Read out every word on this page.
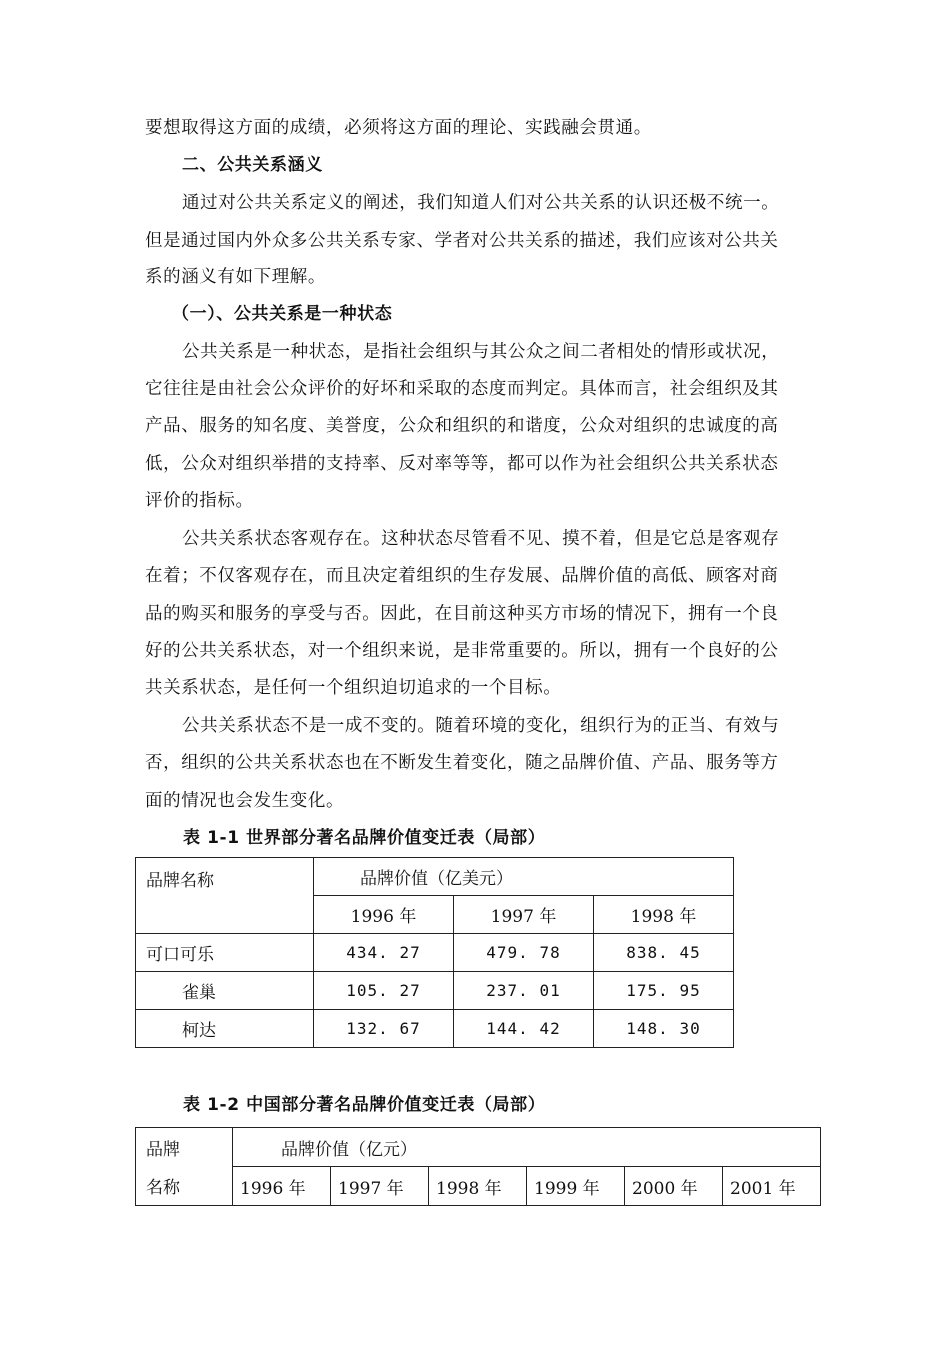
要想取得这方面的成绩，必须将这方面的理论、实践融会贯通。
二、公共关系涵义
通过对公共关系定义的阐述，我们知道人们对公共关系的认识还极不统一。
但是通过国内外众多公共关系专家、学者对公共关系的描述，我们应该对公共关
系的涵义有如下理解。
（一）、公共关系是一种状态
公共关系是一种状态，是指社会组织与其公众之间二者相处的情形或状况，
它往往是由社会公众评价的好坏和采取的态度而判定。具体而言，社会组织及其
产品、服务的知名度、美誉度，公众和组织的和谐度，公众对组织的忠诚度的高
低，公众对组织举措的支持率、反对率等等，都可以作为社会组织公共关系状态
评价的指标。
公共关系状态客观存在。这种状态尽管看不见、摸不着，但是它总是客观存
在着；不仅客观存在，而且决定着组织的生存发展、品牌价值的高低、顾客对商
品的购买和服务的享受与否。因此，在目前这种买方市场的情况下，拥有一个良
好的公共关系状态，对一个组织来说，是非常重要的。所以，拥有一个良好的公
共关系状态，是任何一个组织迫切追求的一个目标。
公共关系状态不是一成不变的。随着环境的变化，组织行为的正当、有效与
否，组织的公共关系状态也在不断发生着变化，随之品牌价值、产品、服务等方
面的情况也会发生变化。
表 1-1 世界部分著名品牌价值变迁表（局部）
品牌名称	品牌价值（亿美元）		
	1996 年	1997 年	1998 年
可口可乐	434. 27	479. 78	838. 45
雀巢	105. 27	237. 01	175. 95
柯达	132. 67	144. 42	148. 30
表 1-2 中国部分著名品牌价值变迁表（局部）
品牌	品牌价值（亿元）					
名称	1996 年	1997 年	1998 年	1999 年	2000 年	2001 年
